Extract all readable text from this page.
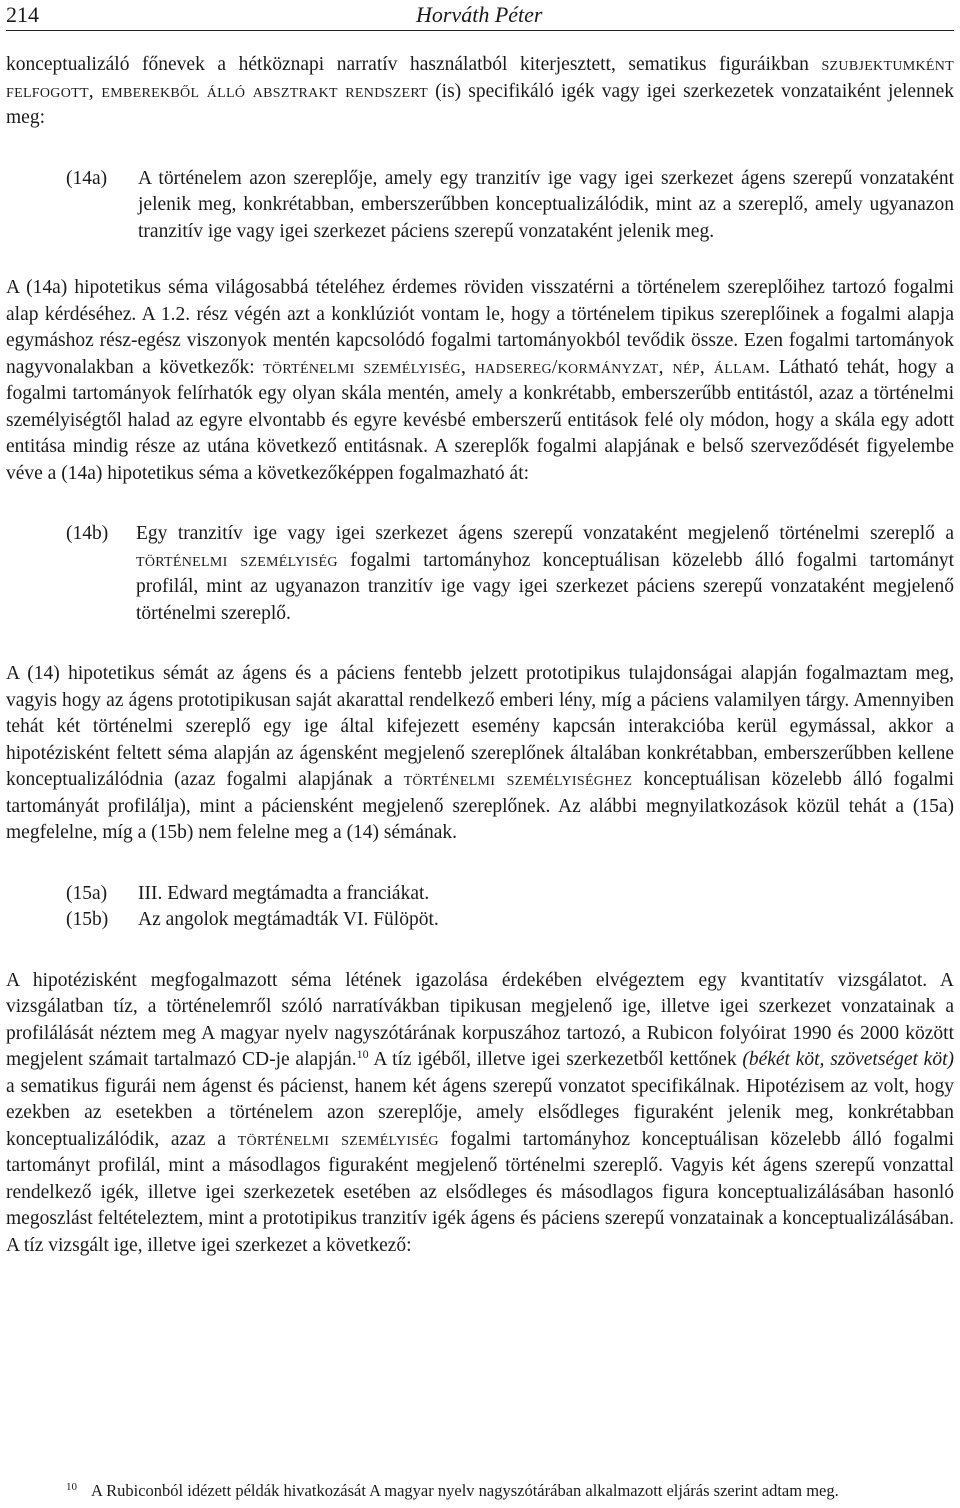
214	Horváth Péter

konceptualizáló főnevek a hétköznapi narratív használatból kiterjesztett, sematikus figuráikban szubjektumként felfogott, emberekből álló absztrakt rendszert (is) specifikáló igék vagy igei szerkezetek vonzataiként jelennek meg:

(14a)	A történelem azon szereplője, amely egy tranzitív ige vagy igei szerkezet ágens szerepű vonzataként jelenik meg, konkrétabban, emberszerűbben konceptualizálódik, mint az a szereplő, amely ugyanazon tranzitív ige vagy igei szerkezet páciens szerepű vonzataként jelenik meg.

A (14a) hipotetikus séma világosabbá tételéhez érdemes röviden visszatérni a történelem szereplőihez tartozó fogalmi alap kérdéséhez. A 1.2. rész végén azt a konklúziót vontam le, hogy a történelem tipikus szereplőinek a fogalmi alapja egymáshoz rész-egész viszonyok mentén kapcsolódó fogalmi tartományokból tevődik össze. Ezen fogalmi tartományok nagyvonalakban a következők: történelmi személyiség, hadsereg/kormányzat, nép, állam. Látható tehát, hogy a fogalmi tartományok felírhatók egy olyan skála mentén, amely a konkrétabb, emberszerűbb entitástól, azaz a történelmi személyiségtől halad az egyre elvontabb és egyre kevésbé emberszerű entitások felé oly módon, hogy a skála egy adott entitása mindig része az utána következő entitásnak. A szereplők fogalmi alapjának e belső szerveződését figyelembe véve a (14a) hipotetikus séma a következőképpen fogalmazható át:

(14b)	Egy tranzitív ige vagy igei szerkezet ágens szerepű vonzataként megjelenő történelmi szereplő a történelmi személyiség fogalmi tartományhoz konceptuálisan közelebb álló fogalmi tartományt profilál, mint az ugyanazon tranzitív ige vagy igei szerkezet páciens szerepű vonzataként megjelenő történelmi szereplő.

A (14) hipotetikus sémát az ágens és a páciens fentebb jelzett prototipikus tulajdonságai alapján fogalmaztam meg, vagyis hogy az ágens prototipikusan saját akarattal rendelkező emberi lény, míg a páciens valamilyen tárgy. Amennyiben tehát két történelmi szereplő egy ige által kifejezett esemény kapcsán interakcióba kerül egymással, akkor a hipotézisként feltett séma alapján az ágensként megjelenő szereplőnek általában konkrétabban, emberszerűbben kellene konceptualizálódnia (azaz fogalmi alapjának a történelmi személyiséghez konceptuálisan közelebb álló fogalmi tartományát profilálja), mint a páciensként megjelenő szereplőnek. Az alábbi megnyilatkozások közül tehát a (15a) megfelelne, míg a (15b) nem felelne meg a (14) sémának.

(15a)	III. Edward megtámadta a franciákat.
(15b)	Az angolok megtámadták VI. Fülöpöt.

A hipotézisként megfogalmazott séma létének igazolása érdekében elvégeztem egy kvantitatív vizsgálatot. A vizsgálatban tíz, a történelemről szóló narratívákban tipikusan megjelenő ige, illetve igei szerkezet vonzatainak a profilálását néztem meg A magyar nyelv nagyszótárának korpuszához tartozó, a Rubicon folyóirat 1990 és 2000 között megjelent számait tartalmazó CD-je alapján.$^{10}$ A tíz igéből, illetve igei szerkezetből kettőnek (békét köt, szövetséget köt) a sematikus figurái nem ágenst és pácienst, hanem két ágens szerepű vonzatot specifikálnak. Hipotézisem az volt, hogy ezekben az esetekben a történelem azon szereplője, amely elsődleges figuraként jelenik meg, konkrétabban konceptualizálódik, azaz a történelmi személyiség fogalmi tartományhoz konceptuálisan közelebb álló fogalmi tartományt profilál, mint a másodlagos figuraként megjelenő történelmi szereplő. Vagyis két ágens szerepű vonzattal rendelkező igék, illetve igei szerkezetek esetében az elsődleges és másodlagos figura konceptualizálásában hasonló megoszlást feltételeztem, mint a prototipikus tranzitív igék ágens és páciens szerepű vonzatainak a konceptualizálásában. A tíz vizsgált ige, illetve igei szerkezet a következő:

$^{10}$ A Rubiconból idézett példák hivatkozását A magyar nyelv nagyszótárában alkalmazott eljárás szerint adtam meg.
